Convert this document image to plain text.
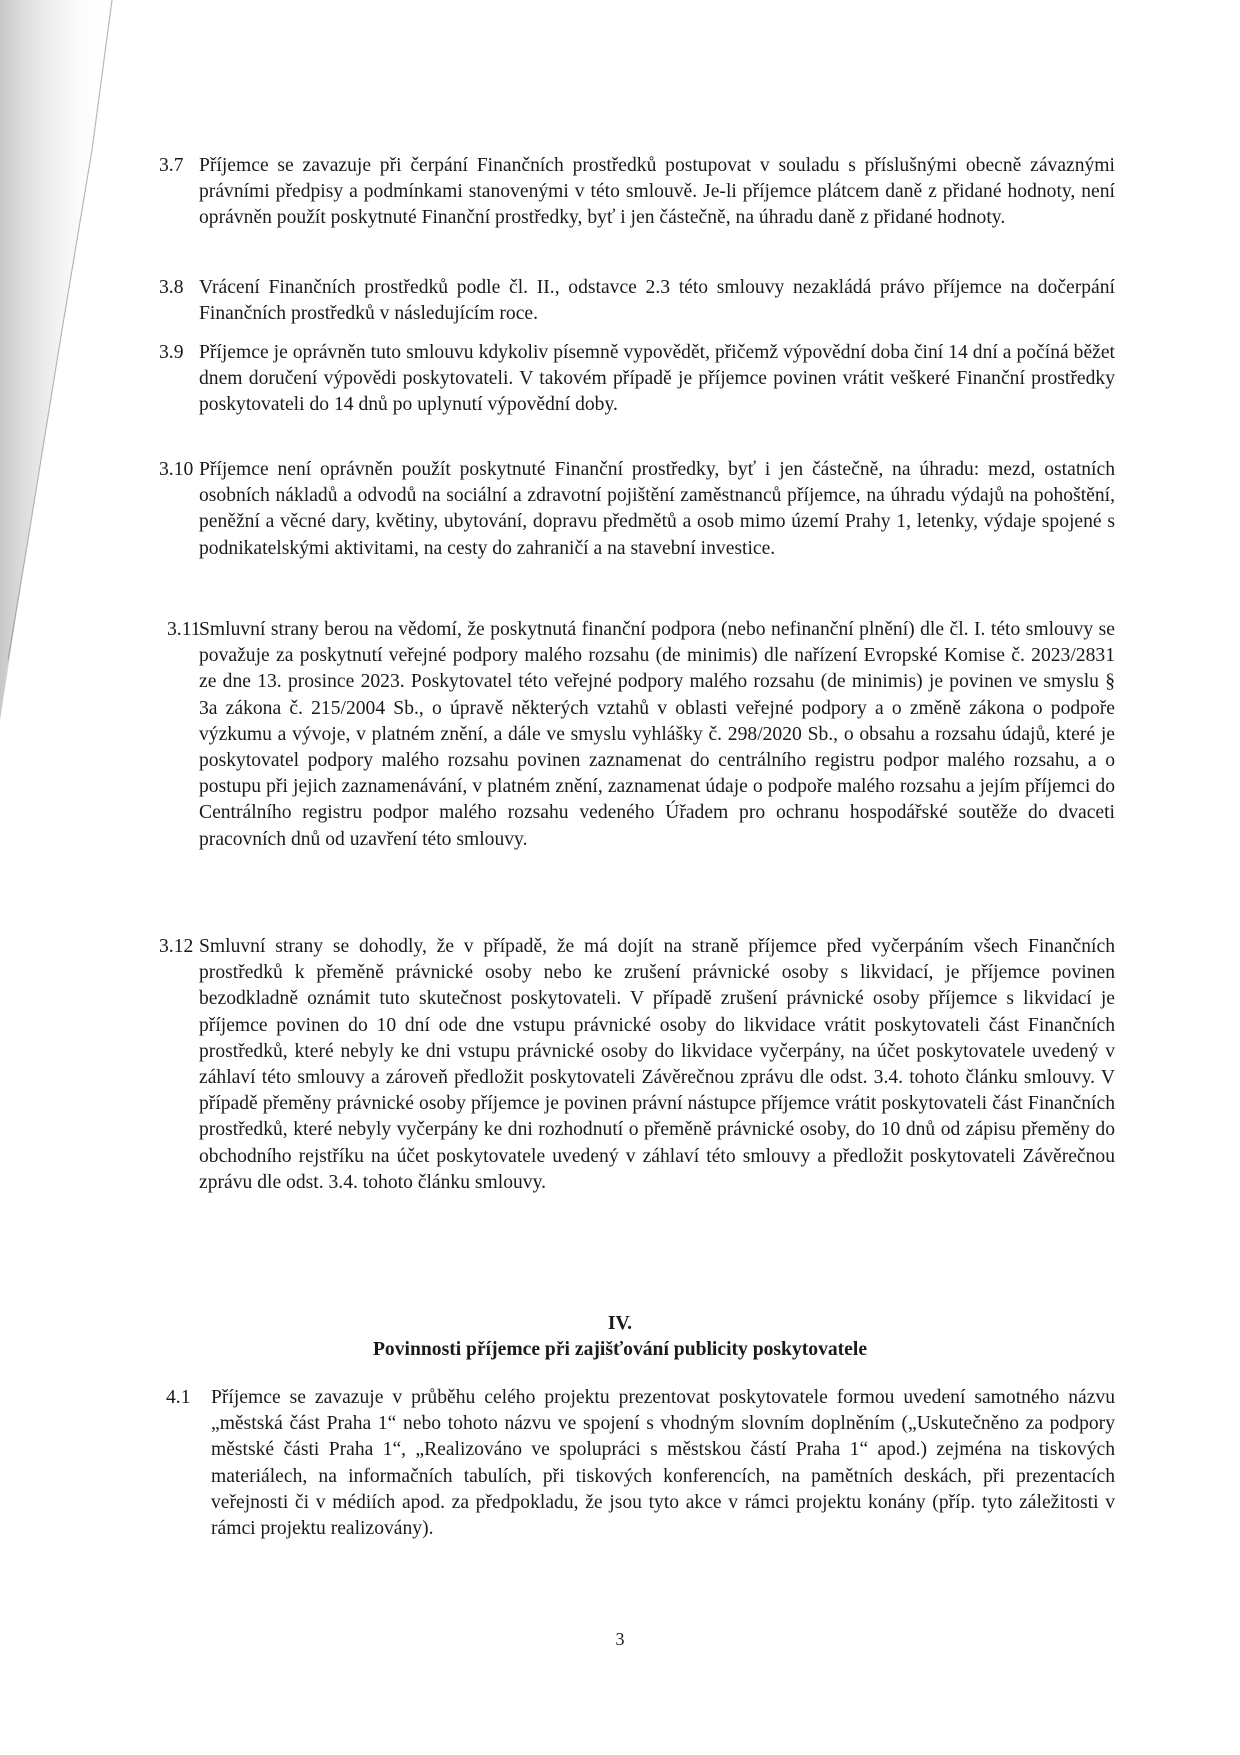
3.7 Příjemce se zavazuje při čerpání Finančních prostředků postupovat v souladu s příslušnými obecně závaznými právními předpisy a podmínkami stanovenými v této smlouvě. Je-li příjemce plátcem daně z přidané hodnoty, není oprávněn použít poskytnuté Finanční prostředky, byť i jen částečně, na úhradu daně z přidané hodnoty.
3.8 Vrácení Finančních prostředků podle čl. II., odstavce 2.3 této smlouvy nezakládá právo příjemce na dočerpání Finančních prostředků v následujícím roce.
3.9 Příjemce je oprávněn tuto smlouvu kdykoliv písemně vypovědět, přičemž výpovědní doba činí 14 dní a počíná běžet dnem doručení výpovědi poskytovateli. V takovém případě je příjemce povinen vrátit veškeré Finanční prostředky poskytovateli do 14 dnů po uplynutí výpovědní doby.
3.10 Příjemce není oprávněn použít poskytnuté Finanční prostředky, byť i jen částečně, na úhradu: mezd, ostatních osobních nákladů a odvodů na sociální a zdravotní pojištění zaměstnanců příjemce, na úhradu výdajů na pohoštění, peněžní a věcné dary, květiny, ubytování, dopravu předmětů a osob mimo území Prahy 1, letenky, výdaje spojené s podnikatelskými aktivitami, na cesty do zahraničí a na stavební investice.
3.11
Smluvní strany berou na vědomí, že poskytnutá finanční podpora (nebo nefinanční plnění) dle čl. I. této smlouvy se považuje za poskytnutí veřejné podpory malého rozsahu (de minimis) dle nařízení Evropské Komise č. 2023/2831 ze dne 13. prosince 2023. Poskytovatel této veřejné podpory malého rozsahu (de minimis) je povinen ve smyslu § 3a zákona č. 215/2004 Sb., o úpravě některých vztahů v oblasti veřejné podpory a o změně zákona o podpoře výzkumu a vývoje, v platném znění, a dále ve smyslu vyhlášky č. 298/2020 Sb., o obsahu a rozsahu údajů, které je poskytovatel podpory malého rozsahu povinen zaznamenat do centrálního registru podpor malého rozsahu, a o postupu při jejich zaznamenávání, v platném znění, zaznamenat údaje o podpoře malého rozsahu a jejím příjemci do Centrálního registru podpor malého rozsahu vedeného Úřadem pro ochranu hospodářské soutěže do dvaceti pracovních dnů od uzavření této smlouvy.
3.12 Smluvní strany se dohodly, že v případě, že má dojít na straně příjemce před vyčerpáním všech Finančních prostředků k přeměně právnické osoby nebo ke zrušení právnické osoby s likvidací, je příjemce povinen bezodkladně oznámit tuto skutečnost poskytovateli. V případě zrušení právnické osoby příjemce s likvidací je příjemce povinen do 10 dní ode dne vstupu právnické osoby do likvidace vrátit poskytovateli část Finančních prostředků, které nebyly ke dni vstupu právnické osoby do likvidace vyčerpány, na účet poskytovatele uvedený v záhlaví této smlouvy a zároveň předložit poskytovateli Závěrečnou zprávu dle odst. 3.4. tohoto článku smlouvy. V případě přeměny právnické osoby příjemce je povinen právní nástupce příjemce vrátit poskytovateli část Finančních prostředků, které nebyly vyčerpány ke dni rozhodnutí o přeměně právnické osoby, do 10 dnů od zápisu přeměny do obchodního rejstříku na účet poskytovatele uvedený v záhlaví této smlouvy a předložit poskytovateli Závěrečnou zprávu dle odst. 3.4. tohoto článku smlouvy.
IV.
Povinnosti příjemce při zajišťování publicity poskytovatele
4.1 Příjemce se zavazuje v průběhu celého projektu prezentovat poskytovatele formou uvedení samotného názvu „městská část Praha 1“ nebo tohoto názvu ve spojení s vhodným slovním doplněním („Uskutečněno za podpory městské části Praha 1“, „Realizováno ve spolupráci s městskou částí Praha 1“ apod.) zejména na tiskových materiálech, na informačních tabulích, při tiskových konferencích, na pamětních deskách, při prezentacích veřejnosti či v médiích apod. za předpokladu, že jsou tyto akce v rámci projektu konány (příp. tyto záležitosti v rámci projektu realizovány).
3
